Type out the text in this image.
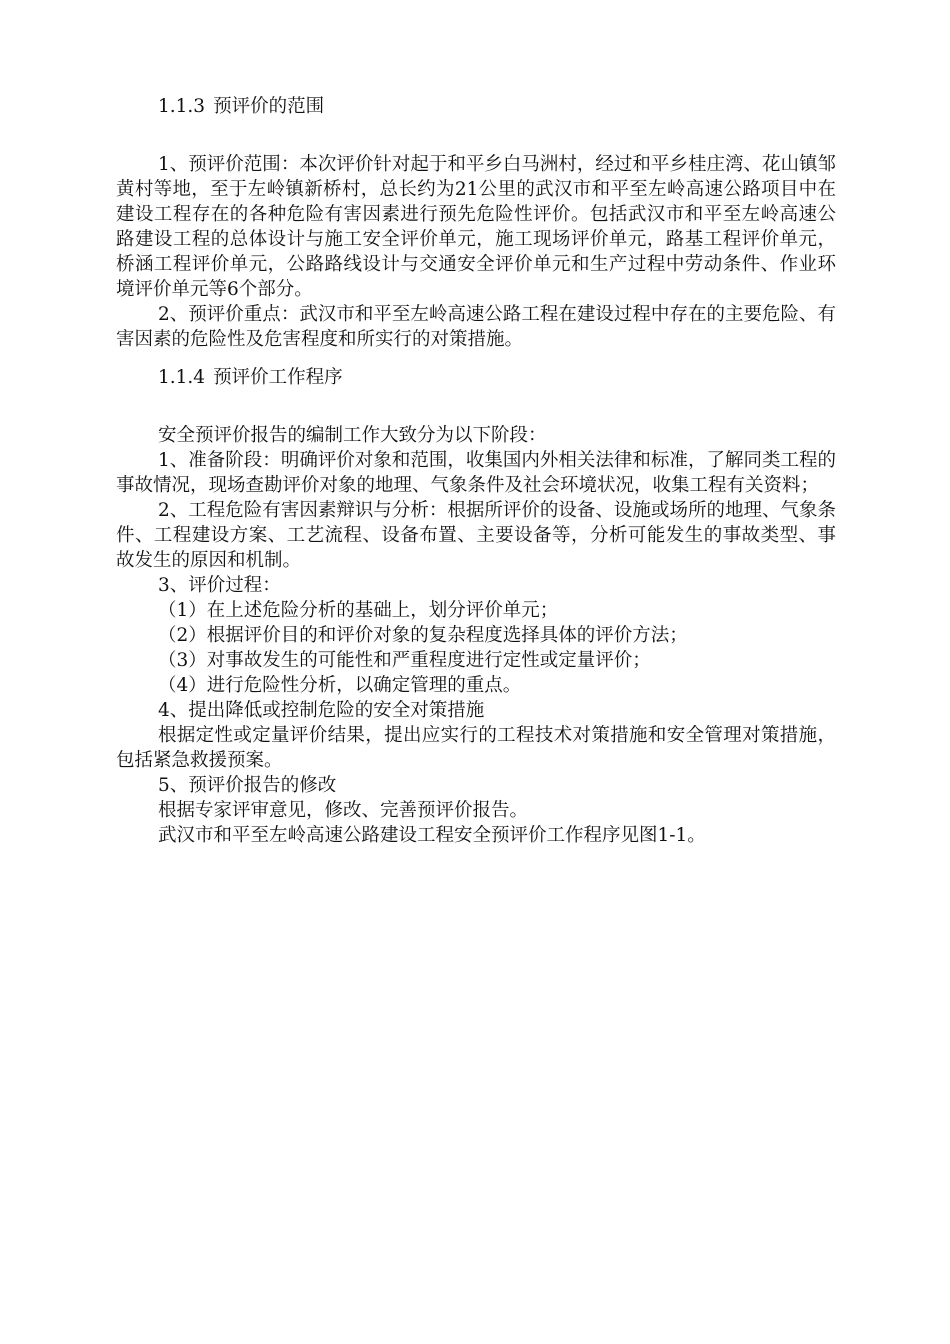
1.1.3 预评价的范围

1、预评价范围：本次评价针对起于和平乡白马洲村，经过和平乡桂庄湾、花山镇邹黄村等地，至于左岭镇新桥村，总长约为21公里的武汉市和平至左岭高速公路项目中在建设工程存在的各种危险有害因素进行预先危险性评价。包括武汉市和平至左岭高速公路建设工程的总体设计与施工安全评价单元，施工现场评价单元，路基工程评价单元，桥涵工程评价单元，公路路线设计与交通安全评价单元和生产过程中劳动条件、作业环境评价单元等6个部分。

2、预评价重点：武汉市和平至左岭高速公路工程在建设过程中存在的主要危险、有害因素的危险性及危害程度和所实行的对策措施。

1.1.4 预评价工作程序

安全预评价报告的编制工作大致分为以下阶段：

1、准备阶段：明确评价对象和范围，收集国内外相关法律和标准，了解同类工程的事故情况，现场查勘评价对象的地理、气象条件及社会环境状况，收集工程有关资料；

2、工程危险有害因素辩识与分析：根据所评价的设备、设施或场所的地理、气象条件、工程建设方案、工艺流程、设备布置、主要设备等，分析可能发生的事故类型、事故发生的原因和机制。

3、评价过程：

（1）在上述危险分析的基础上，划分评价单元；
（2）根据评价目的和评价对象的复杂程度选择具体的评价方法；
（3）对事故发生的可能性和严重程度进行定性或定量评价；
（4）进行危险性分析，以确定管理的重点。

4、提出降低或控制危险的安全对策措施

根据定性或定量评价结果，提出应实行的工程技术对策措施和安全管理对策措施，包括紧急救援预案。

5、预评价报告的修改

根据专家评审意见，修改、完善预评价报告。

武汉市和平至左岭高速公路建设工程安全预评价工作程序见图1-1。
